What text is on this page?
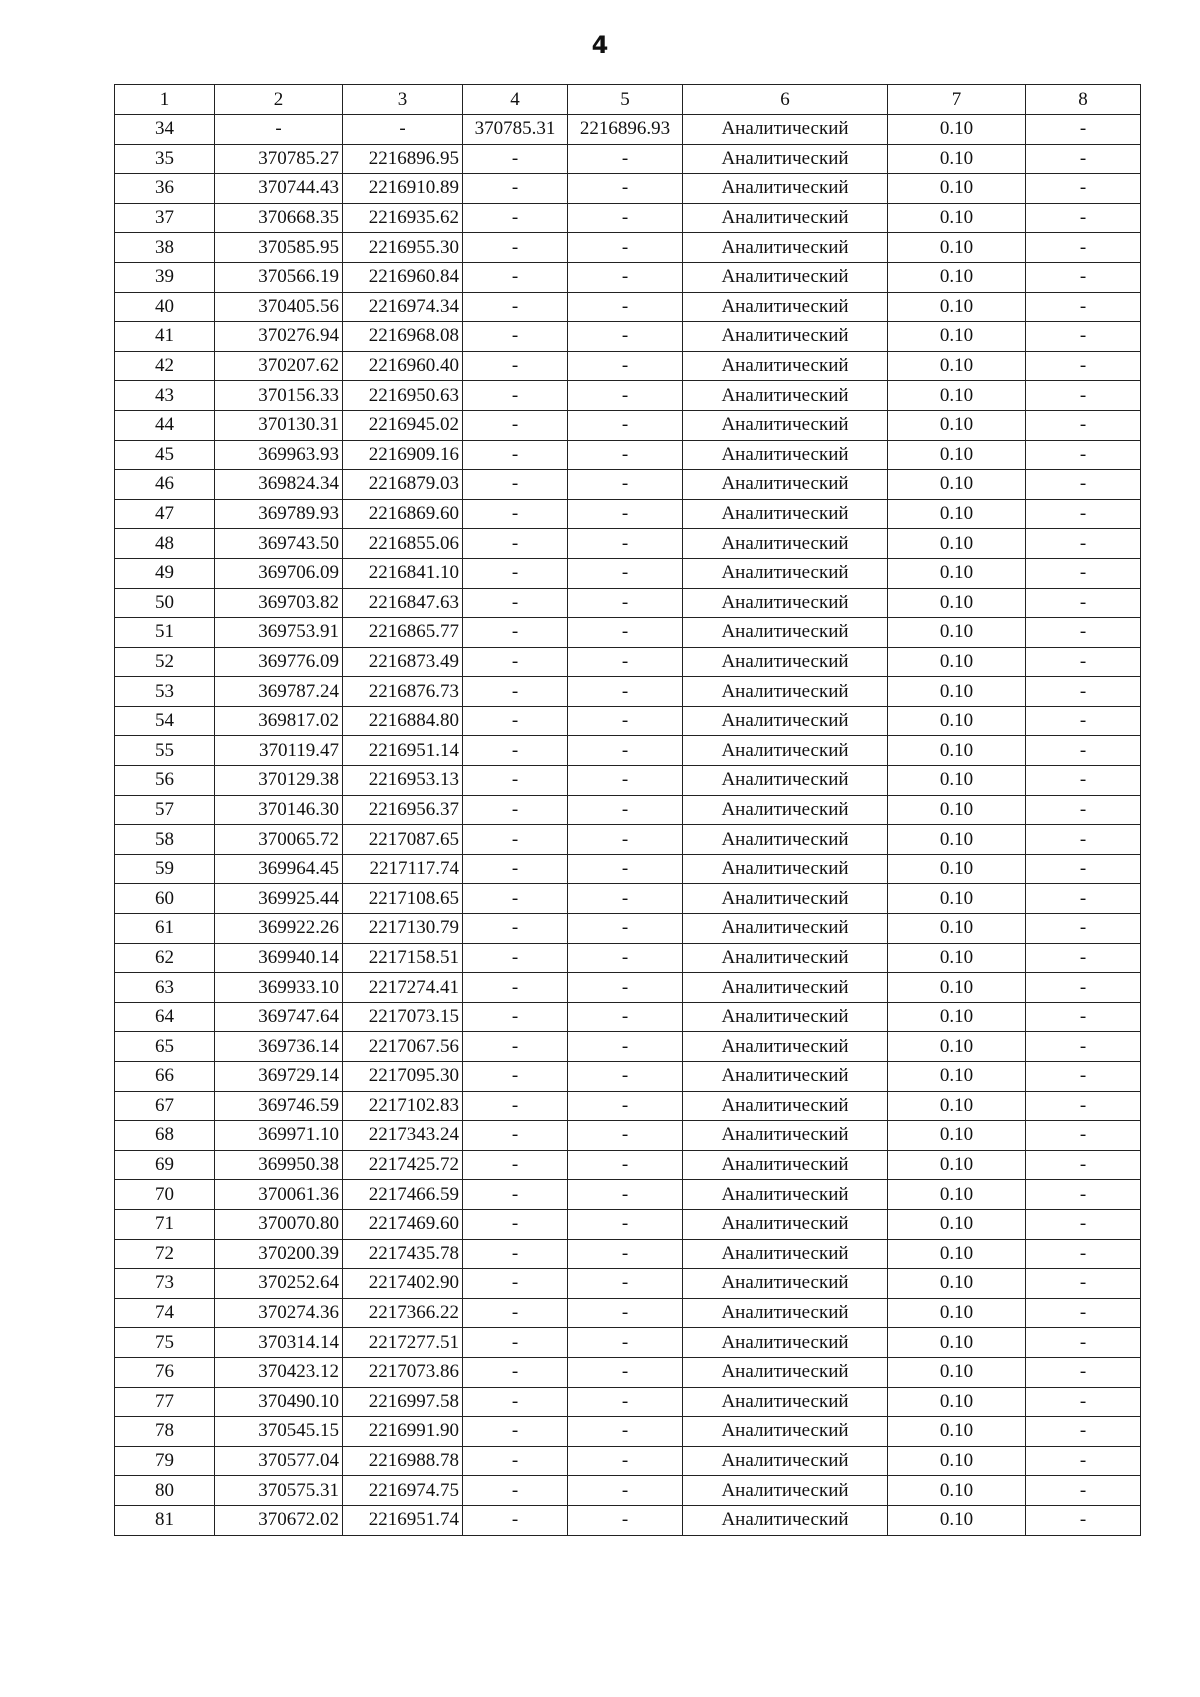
4
1	2	3	4	5	6	7	8
34	-	-	370785.31	2216896.93	Аналитический	0.10	-
35	370785.27	2216896.95	-	-	Аналитический	0.10	-
36	370744.43	2216910.89	-	-	Аналитический	0.10	-
37	370668.35	2216935.62	-	-	Аналитический	0.10	-
38	370585.95	2216955.30	-	-	Аналитический	0.10	-
39	370566.19	2216960.84	-	-	Аналитический	0.10	-
40	370405.56	2216974.34	-	-	Аналитический	0.10	-
41	370276.94	2216968.08	-	-	Аналитический	0.10	-
42	370207.62	2216960.40	-	-	Аналитический	0.10	-
43	370156.33	2216950.63	-	-	Аналитический	0.10	-
44	370130.31	2216945.02	-	-	Аналитический	0.10	-
45	369963.93	2216909.16	-	-	Аналитический	0.10	-
46	369824.34	2216879.03	-	-	Аналитический	0.10	-
47	369789.93	2216869.60	-	-	Аналитический	0.10	-
48	369743.50	2216855.06	-	-	Аналитический	0.10	-
49	369706.09	2216841.10	-	-	Аналитический	0.10	-
50	369703.82	2216847.63	-	-	Аналитический	0.10	-
51	369753.91	2216865.77	-	-	Аналитический	0.10	-
52	369776.09	2216873.49	-	-	Аналитический	0.10	-
53	369787.24	2216876.73	-	-	Аналитический	0.10	-
54	369817.02	2216884.80	-	-	Аналитический	0.10	-
55	370119.47	2216951.14	-	-	Аналитический	0.10	-
56	370129.38	2216953.13	-	-	Аналитический	0.10	-
57	370146.30	2216956.37	-	-	Аналитический	0.10	-
58	370065.72	2217087.65	-	-	Аналитический	0.10	-
59	369964.45	2217117.74	-	-	Аналитический	0.10	-
60	369925.44	2217108.65	-	-	Аналитический	0.10	-
61	369922.26	2217130.79	-	-	Аналитический	0.10	-
62	369940.14	2217158.51	-	-	Аналитический	0.10	-
63	369933.10	2217274.41	-	-	Аналитический	0.10	-
64	369747.64	2217073.15	-	-	Аналитический	0.10	-
65	369736.14	2217067.56	-	-	Аналитический	0.10	-
66	369729.14	2217095.30	-	-	Аналитический	0.10	-
67	369746.59	2217102.83	-	-	Аналитический	0.10	-
68	369971.10	2217343.24	-	-	Аналитический	0.10	-
69	369950.38	2217425.72	-	-	Аналитический	0.10	-
70	370061.36	2217466.59	-	-	Аналитический	0.10	-
71	370070.80	2217469.60	-	-	Аналитический	0.10	-
72	370200.39	2217435.78	-	-	Аналитический	0.10	-
73	370252.64	2217402.90	-	-	Аналитический	0.10	-
74	370274.36	2217366.22	-	-	Аналитический	0.10	-
75	370314.14	2217277.51	-	-	Аналитический	0.10	-
76	370423.12	2217073.86	-	-	Аналитический	0.10	-
77	370490.10	2216997.58	-	-	Аналитический	0.10	-
78	370545.15	2216991.90	-	-	Аналитический	0.10	-
79	370577.04	2216988.78	-	-	Аналитический	0.10	-
80	370575.31	2216974.75	-	-	Аналитический	0.10	-
81	370672.02	2216951.74	-	-	Аналитический	0.10	-
